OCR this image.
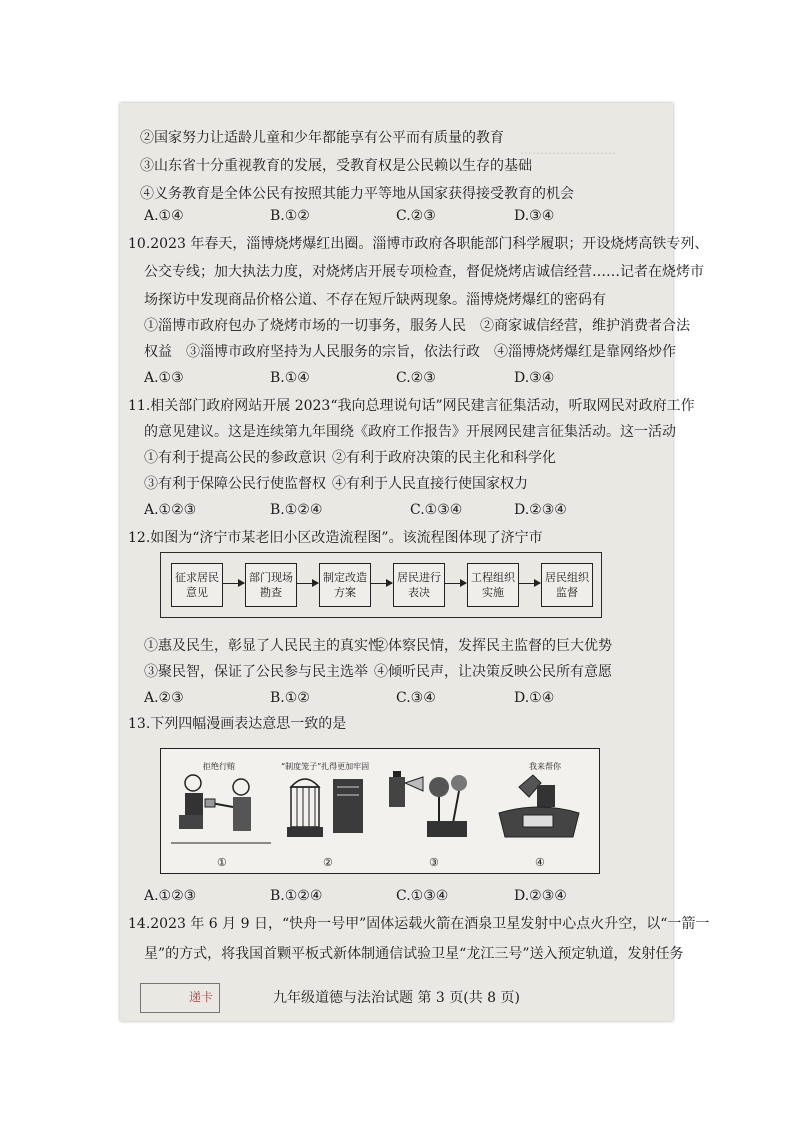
……………………
②国家努力让适龄儿童和少年都能享有公平而有质量的教育
③山东省十分重视教育的发展，受教育权是公民赖以生存的基础
④义务教育是全体公民有按照其能力平等地从国家获得接受教育的机会
A.①④	B.①②	C.②③	D.③④
10.2023 年春天，淄博烧烤爆红出圈。淄博市政府各职能部门科学履职；开设烧烤高铁专列、
公交专线；加大执法力度，对烧烤店开展专项检查，督促烧烤店诚信经营……记者在烧烤市
场探访中发现商品价格公道、不存在短斤缺两现象。淄博烧烤爆红的密码有
①淄博市政府包办了烧烤市场的一切事务，服务人民　②商家诚信经营，维护消费者合法
权益　③淄博市政府坚持为人民服务的宗旨，依法行政　④淄博烧烤爆红是靠网络炒作
A.①③	B.①④	C.②③	D.③④
11.相关部门政府网站开展 2023“我向总理说句话”网民建言征集活动，听取网民对政府工作
的意见建议。这是连续第九年围绕《政府工作报告》开展网民建言征集活动。这一活动
①有利于提高公民的参政意识 ②有利于政府决策的民主化和科学化
③有利于保障公民行使监督权 ④有利于人民直接行使国家权力
A.①②③	B.①②④	C.①③④	D.②③④
12.如图为“济宁市某老旧小区改造流程图”。该流程图体现了济宁市
①惠及民生，彰显了人民民主的真实性
②体察民情，发挥民主监督的巨大优势
③聚民智，保证了公民参与民主选举 ④倾听民声，让决策反映公民所有意愿
A.②③	B.①②	C.③④	D.①④
13.下列四幅漫画表达意思一致的是
A.①②③	B.①②④	C.①③④	D.②③④
14.2023 年 6 月 9 日，“快舟一号甲”固体运载火箭在酒泉卫星发射中心点火升空，以“一箭一
星”的方式，将我国首颗平板式新体制通信试验卫星“龙江三号”送入预定轨道，发射任务
递卡	九年级道德与法治试题 第 3 页(共 8 页)
征求居民意见
部门现场勘查
制定改造方案
居民进行表决
工程组织实施
居民组织监督
拒绝行贿
①
“制度笼子”扎得更加牢固
②	③
我来帮你
④
